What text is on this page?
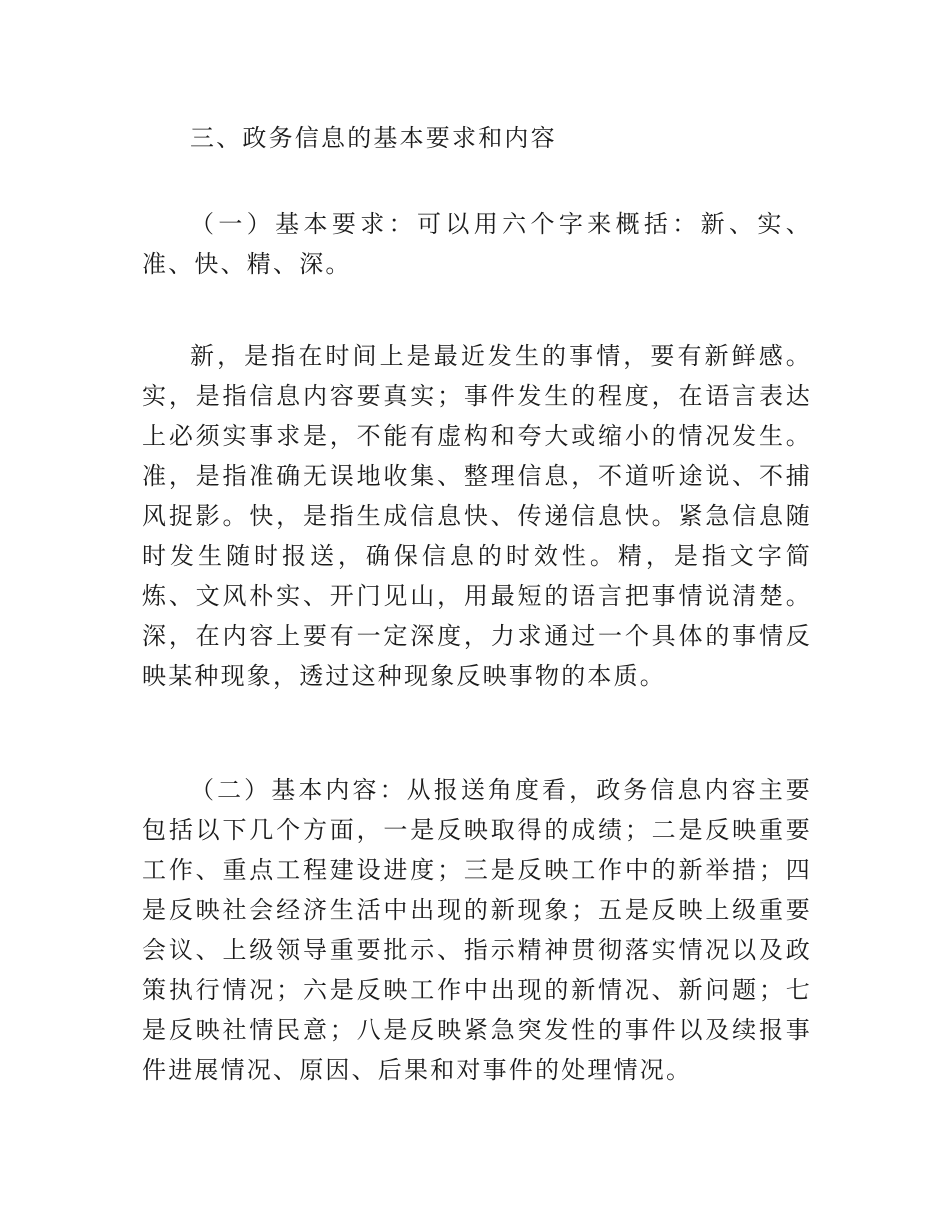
三、政务信息的基本要求和内容

（一）基本要求：可以用六个字来概括：新、实、准、快、精、深。

新，是指在时间上是最近发生的事情，要有新鲜感。实，是指信息内容要真实；事件发生的程度，在语言表达上必须实事求是，不能有虚构和夸大或缩小的情况发生。准，是指准确无误地收集、整理信息，不道听途说、不捕风捉影。快，是指生成信息快、传递信息快。紧急信息随时发生随时报送，确保信息的时效性。精，是指文字简炼、文风朴实、开门见山，用最短的语言把事情说清楚。深，在内容上要有一定深度，力求通过一个具体的事情反映某种现象，透过这种现象反映事物的本质。

（二）基本内容：从报送角度看，政务信息内容主要包括以下几个方面，一是反映取得的成绩；二是反映重要工作、重点工程建设进度；三是反映工作中的新举措；四是反映社会经济生活中出现的新现象；五是反映上级重要会议、上级领导重要批示、指示精神贯彻落实情况以及政策执行情况；六是反映工作中出现的新情况、新问题；七是反映社情民意；八是反映紧急突发性的事件以及续报事件进展情况、原因、后果和对事件的处理情况。
